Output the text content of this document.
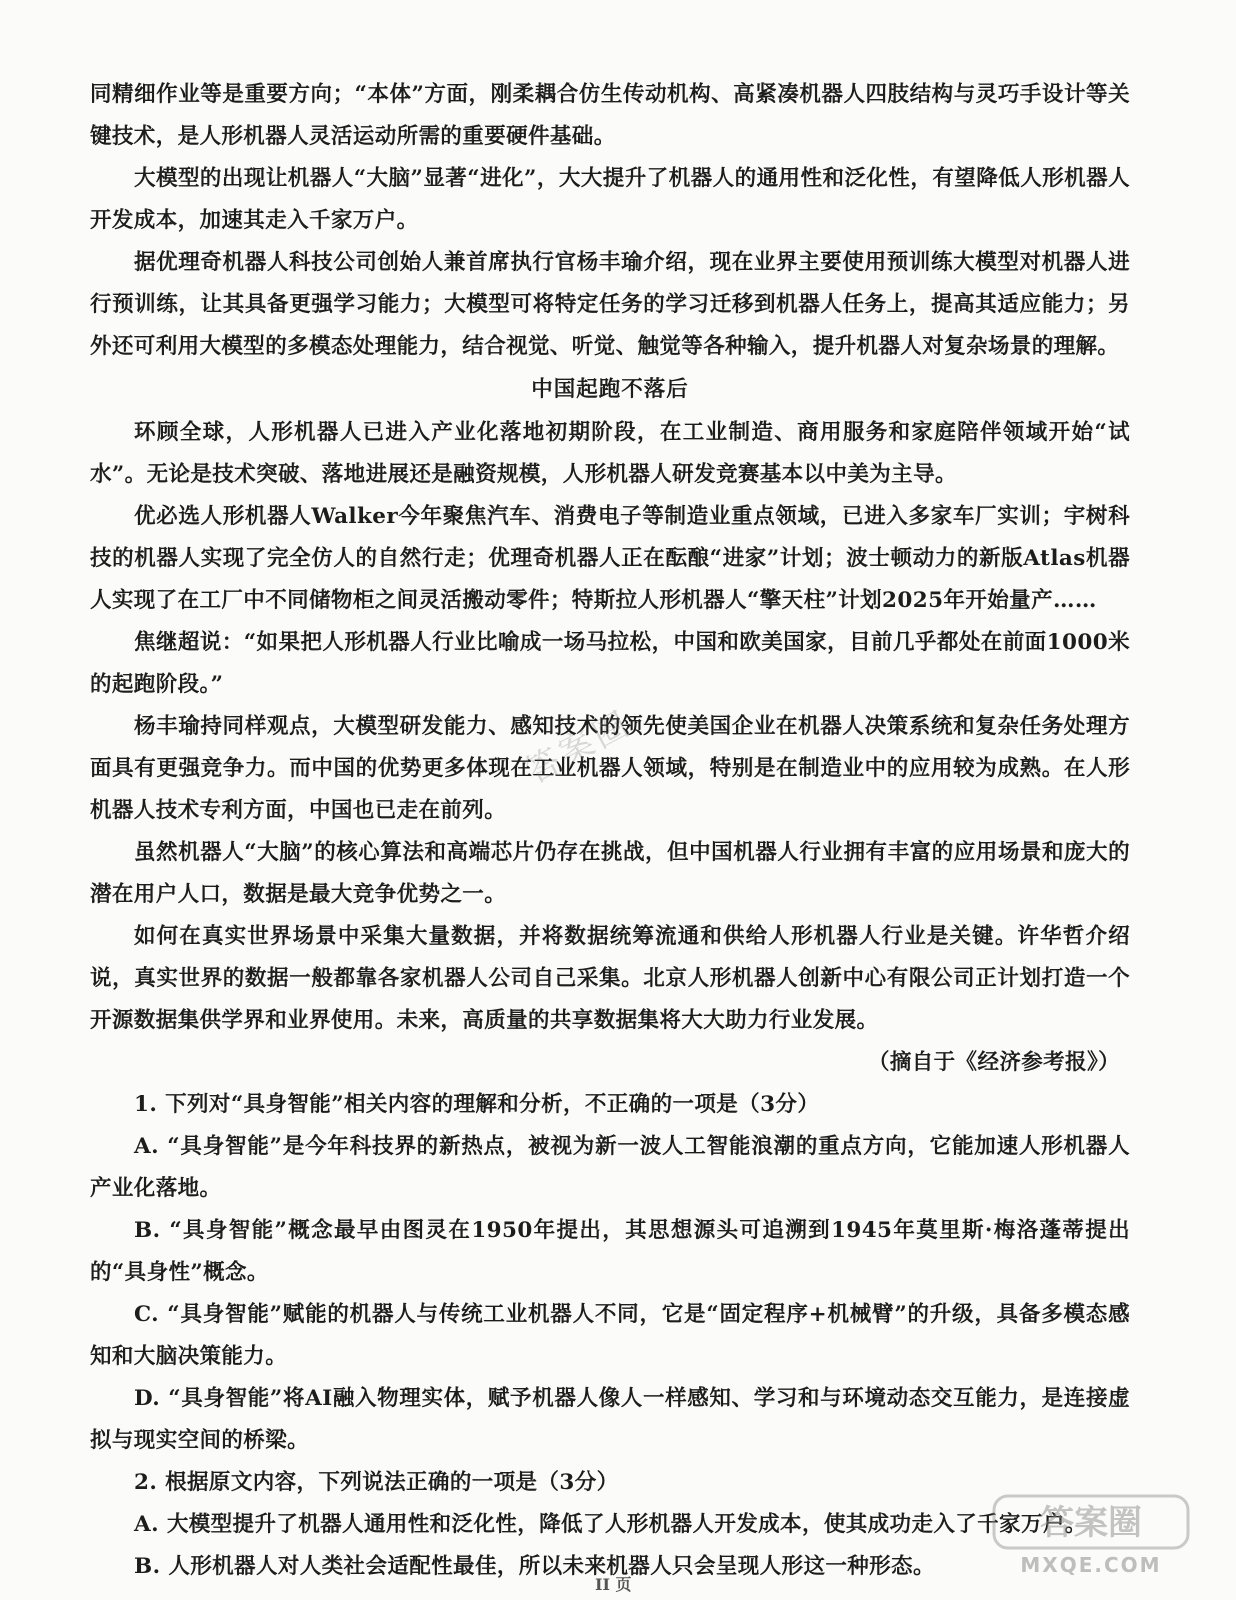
同精细作业等是重要方向；“本体”方面，刚柔耦合仿生传动机构、高紧凑机器人四肢结构与灵巧手设计等关键技术，是人形机器人灵活运动所需的重要硬件基础。

大模型的出现让机器人“大脑”显著“进化”，大大提升了机器人的通用性和泛化性，有望降低人形机器人开发成本，加速其走入千家万户。

据优理奇机器人科技公司创始人兼首席执行官杨丰瑜介绍，现在业界主要使用预训练大模型对机器人进行预训练，让其具备更强学习能力；大模型可将特定任务的学习迁移到机器人任务上，提高其适应能力；另外还可利用大模型的多模态处理能力，结合视觉、听觉、触觉等各种输入，提升机器人对复杂场景的理解。

中国起跑不落后

环顾全球，人形机器人已进入产业化落地初期阶段，在工业制造、商用服务和家庭陪伴领域开始“试水”。无论是技术突破、落地进展还是融资规模，人形机器人研发竞赛基本以中美为主导。

优必选人形机器人Walker今年聚焦汽车、消费电子等制造业重点领域，已进入多家车厂实训；宇树科技的机器人实现了完全仿人的自然行走；优理奇机器人正在酝酿“进家”计划；波士顿动力的新版Atlas机器人实现了在工厂中不同储物柜之间灵活搬动零件；特斯拉人形机器人“擎天柱”计划2025年开始量产……

焦继超说：“如果把人形机器人行业比喻成一场马拉松，中国和欧美国家，目前几乎都处在前面1000米的起跑阶段。”

杨丰瑜持同样观点，大模型研发能力、感知技术的领先使美国企业在机器人决策系统和复杂任务处理方面具有更强竞争力。而中国的优势更多体现在工业机器人领域，特别是在制造业中的应用较为成熟。在人形机器人技术专利方面，中国也已走在前列。

虽然机器人“大脑”的核心算法和高端芯片仍存在挑战，但中国机器人行业拥有丰富的应用场景和庞大的潜在用户人口，数据是最大竞争优势之一。

如何在真实世界场景中采集大量数据，并将数据统筹流通和供给人形机器人行业是关键。许华哲介绍说，真实世界的数据一般都靠各家机器人公司自己采集。北京人形机器人创新中心有限公司正计划打造一个开源数据集供学界和业界使用。未来，高质量的共享数据集将大大助力行业发展。

（摘自于《经济参考报》）

1. 下列对“具身智能”相关内容的理解和分析，不正确的一项是（3分）

A. “具身智能”是今年科技界的新热点，被视为新一波人工智能浪潮的重点方向，它能加速人形机器人产业化落地。

B. “具身智能”概念最早由图灵在1950年提出，其思想源头可追溯到1945年莫里斯·梅洛蓬蒂提出的“具身性”概念。

C. “具身智能”赋能的机器人与传统工业机器人不同，它是“固定程序+机械臂”的升级，具备多模态感知和大脑决策能力。

D. “具身智能”将AI融入物理实体，赋予机器人像人一样感知、学习和与环境动态交互能力，是连接虚拟与现实空间的桥梁。

2. 根据原文内容，下列说法正确的一项是（3分）

A. 大模型提升了机器人通用性和泛化性，降低了人形机器人开发成本，使其成功走入了千家万户。

B. 人形机器人对人类社会适配性最佳，所以未来机器人只会呈现人形这一种形态。

答案圈
II 页
答案圈
MXQE.COM
